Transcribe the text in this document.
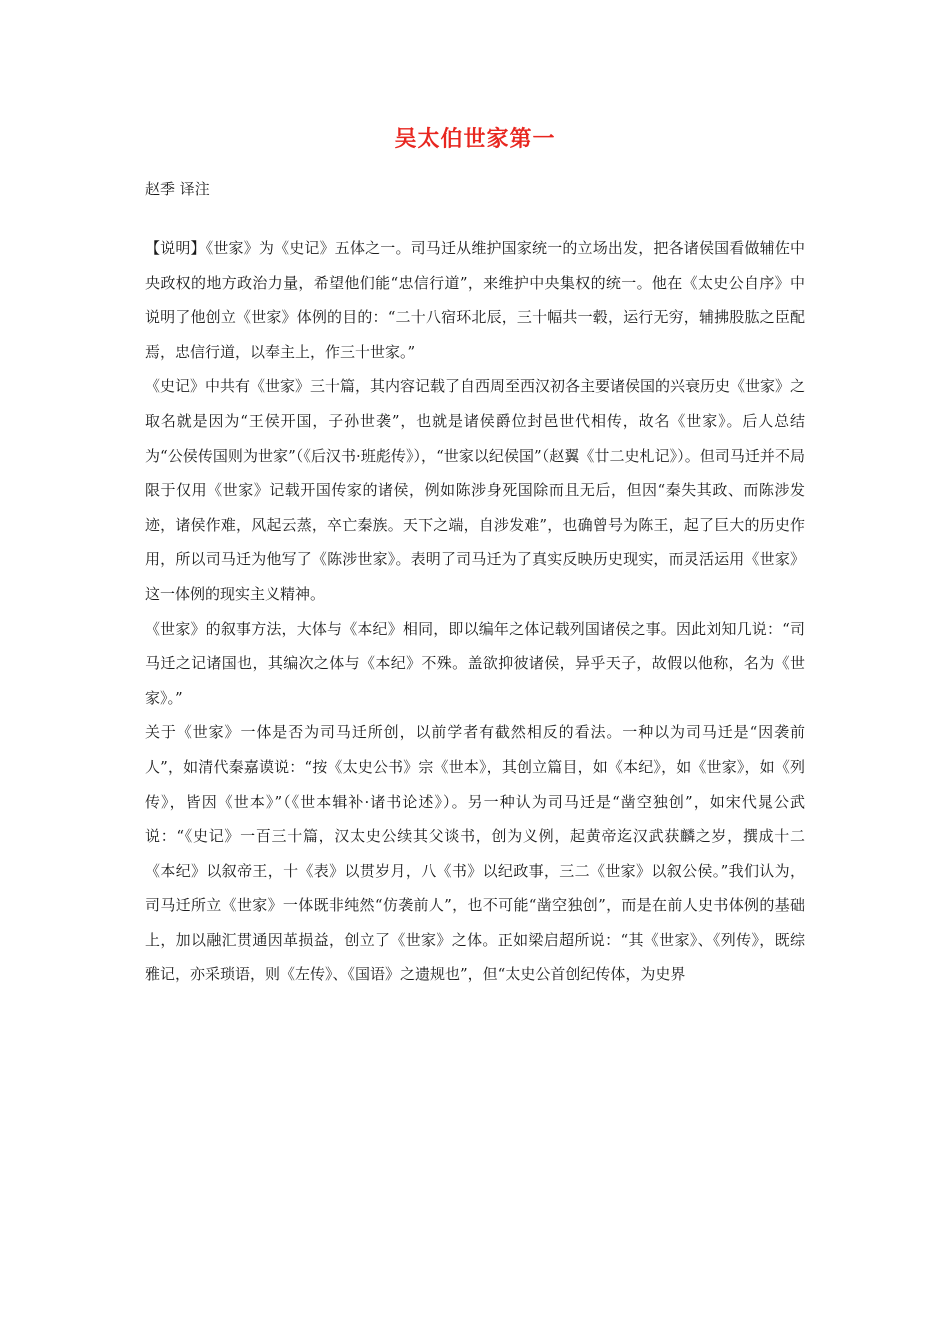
吴太伯世家第一
赵季 译注

【说明】《世家》为《史记》五体之一。司马迁从维护国家统一的立场出发，把各诸侯国看做辅佐中央政权的地方政治力量，希望他们能“忠信行道”，来维护中央集权的统一。他在《太史公自序》中说明了他创立《世家》体例的目的：“二十八宿环北辰，三十幅共一毂，运行无穷，辅拂股肱之臣配焉，忠信行道，以奉主上，作三十世家。”

《史记》中共有《世家》三十篇，其内容记载了自西周至西汉初各主要诸侯国的兴衰历史《世家》之取名就是因为“王侯开国，子孙世袭”，也就是诸侯爵位封邑世代相传，故名《世家》。后人总结为“公侯传国则为世家”（《后汉书·班彪传》），“世家以纪侯国”（赵翼《廿二史札记》）。但司马迁并不局限于仅用《世家》记载开国传家的诸侯，例如陈涉身死国除而且无后，但因“秦失其政、而陈涉发迹，诸侯作难，风起云蒸，卒亡秦族。天下之端，自涉发难”，也确曾号为陈王，起了巨大的历史作用，所以司马迁为他写了《陈涉世家》。表明了司马迁为了真实反映历史现实，而灵活运用《世家》这一体例的现实主义精神。

《世家》的叙事方法，大体与《本纪》相同，即以编年之体记载列国诸侯之事。因此刘知几说：“司马迁之记诸国也，其编次之体与《本纪》不殊。盖欲抑彼诸侯，异乎天子，故假以他称，名为《世家》。”

关于《世家》一体是否为司马迁所创，以前学者有截然相反的看法。一种以为司马迁是“因袭前人”，如清代秦嘉谟说：“按《太史公书》宗《世本》，其创立篇目，如《本纪》，如《世家》，如《列传》，皆因《世本》”（《世本辑补·诸书论述》）。另一种认为司马迁是“凿空独创”，如宋代晁公武说：“《史记》一百三十篇，汉太史公续其父谈书，创为义例，起黄帝迄汉武获麟之岁，撰成十二《本纪》以叙帝王，十《表》以贯岁月，八《书》以纪政事，三二《世家》以叙公侯。”我们认为，司马迁所立《世家》一体既非纯然“仿袭前人”，也不可能“凿空独创”，而是在前人史书体例的基础上，加以融汇贯通因革损益，创立了《世家》之体。正如梁启超所说：“其《世家》、《列传》，既综雅记，亦采琐语，则《左传》、《国语》之遗规也”，但“太史公首创纪传体，为史界
